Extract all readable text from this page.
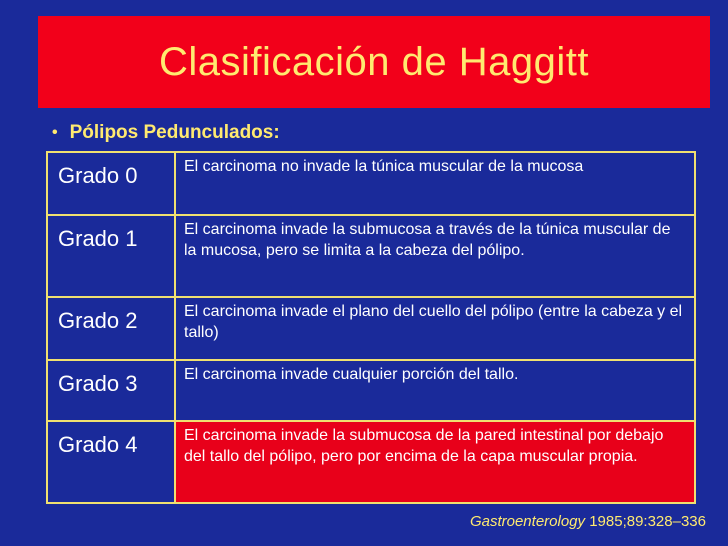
Clasificación de Haggitt
• Pólipos Pedunculados:
Grado 0	El carcinoma no invade la túnica muscular de la mucosa
Grado 1	El carcinoma invade la submucosa a través de la túnica muscular de la mucosa, pero se limita a la cabeza del pólipo.
Grado 2	El carcinoma invade el plano del cuello del pólipo (entre la cabeza y el tallo)
Grado 3	El carcinoma invade cualquier porción del tallo.
Grado 4	El carcinoma invade la submucosa de la pared intestinal por debajo del tallo del pólipo, pero por encima de la capa muscular propia.
Gastroenterology 1985;89:328–336
